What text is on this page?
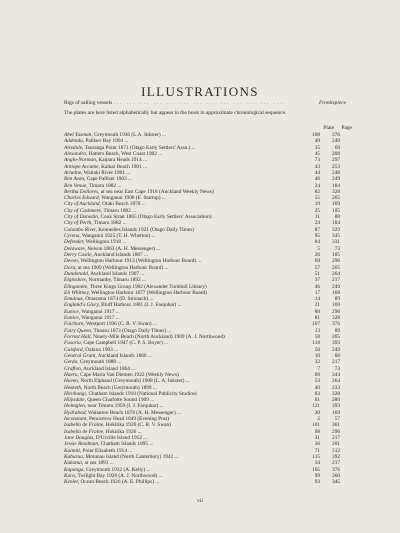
ILLUSTRATIONS
Rigs of sailing vessels ... ... ... ... ... ... ... ... ... ... ... ... ...	Frontispiece
The plates are here listed alphabetically but appear in the book in approximate chronological sequence.
Plate	Page
Abel Tasman, Greymouth 1936 (L.A. Inkster) ...	108	376
Addenda, Palliser Bay 1904 ...	49	249
Airedale, Tauranga Point 1871 (Otago Early Settlers' Assn.) ...	15	69
Alexandra, Hatters Beach, West Coast 1902 ...	45	208
Anglo-Norman, Kaipara Heads 1914 ...	73	297
Antiope Accame, Kaikai Beach 1901 ...	43	253
Ariadne, Waitaki River 1901 ...	44	248
Ben Avon, Cape Palliser 1903 ...	46	249
Ben Venue, Timaru 1882 ...	24	184
Bertha Dollores, at sea near East Cape 1918 (Auckland Weekly News)	82	328
Charles Edward, Wanganui 1908 (E. Startup) ...	55	265
City of Auckland, Otaki Beach 1878 ...	19	169
City of Cashmere, Timaru 1882 ...	25	185
City of Dunedin, Cook Strait 1865 (Otago Early Settlers' Association)	11	88
City of Perth, Timaru 1882 ...	24	184
Colombo River, Kennedies Islands 1921 (Otago Daily Times)	87	329
Cyrena, Wanganui 1925 (T. H. Whetton) ...	95	345
Defender, Wellington 1918 ...	84	331
Delaware, Nelson 1863 (A. H. Messenger) ...	5	73
Derry Castle, Auckland Islands 1887 ...	26	185
Devon, Wellington Harbour 1913 (Wellington Harbour Board) ...	69	296
Dora, at sea 1909 (Wellington Harbour Board) ...	57	265
Dundonald, Auckland Islands 1907 ...	51	264
Elginshire, Normanby, Timaru 1892 ...	37	217
Elingamite, Three Kings Group 1902 (Alexander Turnbull Library)	46	249
Eli Whitney, Wellington Harbour 1877 (Wellington Harbour Board)	17	168
Emulous, Omarama 1874 (D. Stronach) ...	14	89
England's Glory, Bluff Harbour 1881 (I. J. Farquhar) ...	21	169
Eunice, Wanganui 1917 ...	88	296
Eunice, Wanganui 1917 ...	81	328
Fairburn, Westport 1936 (C. R. V. Swan) ...	107	376
Fairy Queen, Timaru 1873 (Otago Daily Times) ...	13	89
Forrest Hall, Ninety-Mile Beach (North Auckland) 1909 (A. J. Northwood)	58	265
Fusoria, Cape Campbell 1947 (C. P. S. Boyer) ...	118	393
Gaisford, Oakura 1903 ...	50	249
General Grant, Auckland Islands 1866 ...	10	88
Gerda, Greymouth 1888 ...	32	217
Grafton, Auckland Island 1864 ...	7	73
Haeru, Cape Maria Van Diemen 1922 (Weekly News)	89	344
Haven, North Elphand (Greymouth) 1908 (L. A. Inkster) ...	53	264
Hesketh, North Beach (Greymouth) 1899 ...	40	233
Hirohangi, Chatham Islands 1918 (National Publicity Studios)	83	328
Hilpsdale, Queen Charlotte Sound 1909 ...	61	280
Holmglen, near Timaru 1959 (I. J. Farquhar) ...	121	393
Hydrabad, Waitarere Beach 1878 (A. H. Messenger) ...	20	169
Inconstant, Pencarrow Head 1849 (Evening Post)	2	57
Isabella de Fraine, Hokitika 1926 (C. R. V. Swan)	101	361
Isabella de Fraine, Hokitika 1926 ...	68	296
Jane Douglas, D'Urville Island 1912 ...	31	217
Jessie Readman, Chatham Islands 1895 ...	36	201
Kaimiti, Point Elizabeth 1914 ...	71	312
Kahurua, Motunau Island (North Canterbury) 1942 ...	115	392
Kakanui, at sea 1891 ...	34	217
Kapanga, Greymouth 1932 (A. Kelly) ...	105	376
Kara, Twilight Bay 1926 (A. J. Northwood) ...	99	360
Kenlet, Ocean Beach 1926 (A. E. Phillips) ...	93	345
vii
